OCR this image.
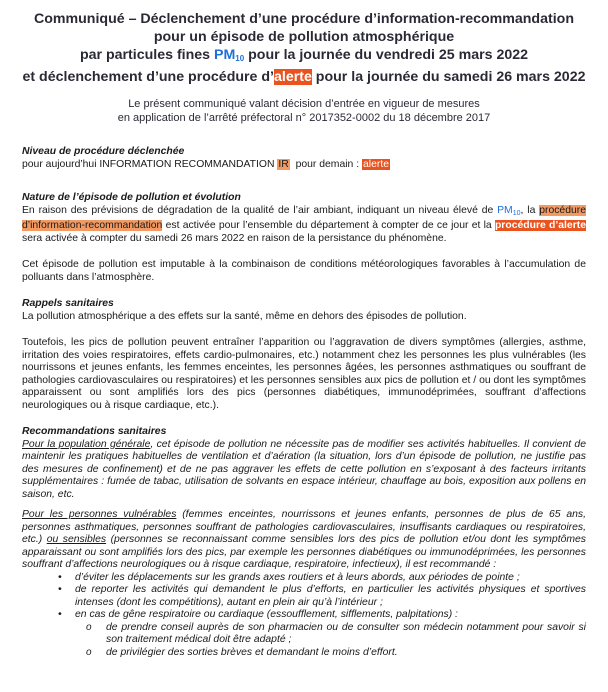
Communiqué – Déclenchement d’une procédure d’information-recommandation
pour un épisode de pollution atmosphérique
par particules fines $PM_{10}$ pour la journée du vendredi 25 mars 2022
et déclenchement d’une procédure d’alerte pour la journée du samedi 26 mars 2022
Le présent communiqué valant décision d’entrée en vigueur de mesures
en application de l’arrêté préfectoral n° 2017352-0002 du 18 décembre 2017
Niveau de procédure déclenchée
pour aujourd’hui INFORMATION RECOMMANDATION IR  pour demain : alerte
Nature de l’épisode de pollution et évolution

En raison des prévisions de dégradation de la qualité de l’air ambiant, indiquant un niveau élevé de $PM_{10}$, la procédure d’information-recommandation est activée pour l’ensemble du département à compter de ce jour et la procédure d’alerte sera activée à compter du samedi 26 mars 2022 en raison de la persistance du phénomène.

Cet épisode de pollution est imputable à la combinaison de conditions météorologiques favorables à l’accumulation de polluants dans l’atmosphère.

Rappels sanitaires

La pollution atmosphérique a des effets sur la santé, même en dehors des épisodes de pollution.

Toutefois, les pics de pollution peuvent entraîner l’apparition ou l’aggravation de divers symptômes (allergies, asthme, irritation des voies respiratoires, effets cardio-pulmonaires, etc.) notamment chez les personnes les plus vulnérables (les nourrissons et jeunes enfants, les femmes enceintes, les personnes âgées, les personnes asthmatiques ou souffrant de pathologies cardiovasculaires ou respiratoires) et les personnes sensibles aux pics de pollution et / ou dont les symptômes apparaissent ou sont amplifiés lors des pics (personnes diabétiques, immunodéprimées, souffrant d’affections neurologiques ou à risque cardiaque, etc.).

Recommandations sanitaires

Pour la population générale, cet épisode de pollution ne nécessite pas de modifier ses activités habituelles. Il convient de maintenir les pratiques habituelles de ventilation et d’aération (la situation, lors d’un épisode de pollution, ne justifie pas des mesures de confinement) et de ne pas aggraver les effets de cette pollution en s’exposant à des facteurs irritants supplémentaires : fumée de tabac, utilisation de solvants en espace intérieur, chauffage au bois, exposition aux pollens en saison, etc.

Pour les personnes vulnérables (femmes enceintes, nourrissons et jeunes enfants, personnes de plus de 65 ans, personnes asthmatiques, personnes souffrant de pathologies cardiovasculaires, insuffisants cardiaques ou respiratoires, etc.) ou sensibles (personnes se reconnaissant comme sensibles lors des pics de pollution et/ou dont les symptômes apparaissant ou sont amplifiés lors des pics, par exemple les personnes diabétiques ou immunodéprimées, les personnes souffrant d’affections neurologiques ou à risque cardiaque, respiratoire, infectieux), il est recommandé :

• d’éviter les déplacements sur les grands axes routiers et à leurs abords, aux périodes de pointe ;
• de reporter les activités qui demandent le plus d’efforts, en particulier les activités physiques et sportives intenses (dont les compétitions), autant en plein air qu’à l’intérieur ;
• en cas de gêne respiratoire ou cardiaque (essoufflement, sifflements, palpitations) :
o de prendre conseil auprès de son pharmacien ou de consulter son médecin notamment pour savoir si son traitement médical doit être adapté ;
o de privilégier des sorties brèves et demandant le moins d’effort.
